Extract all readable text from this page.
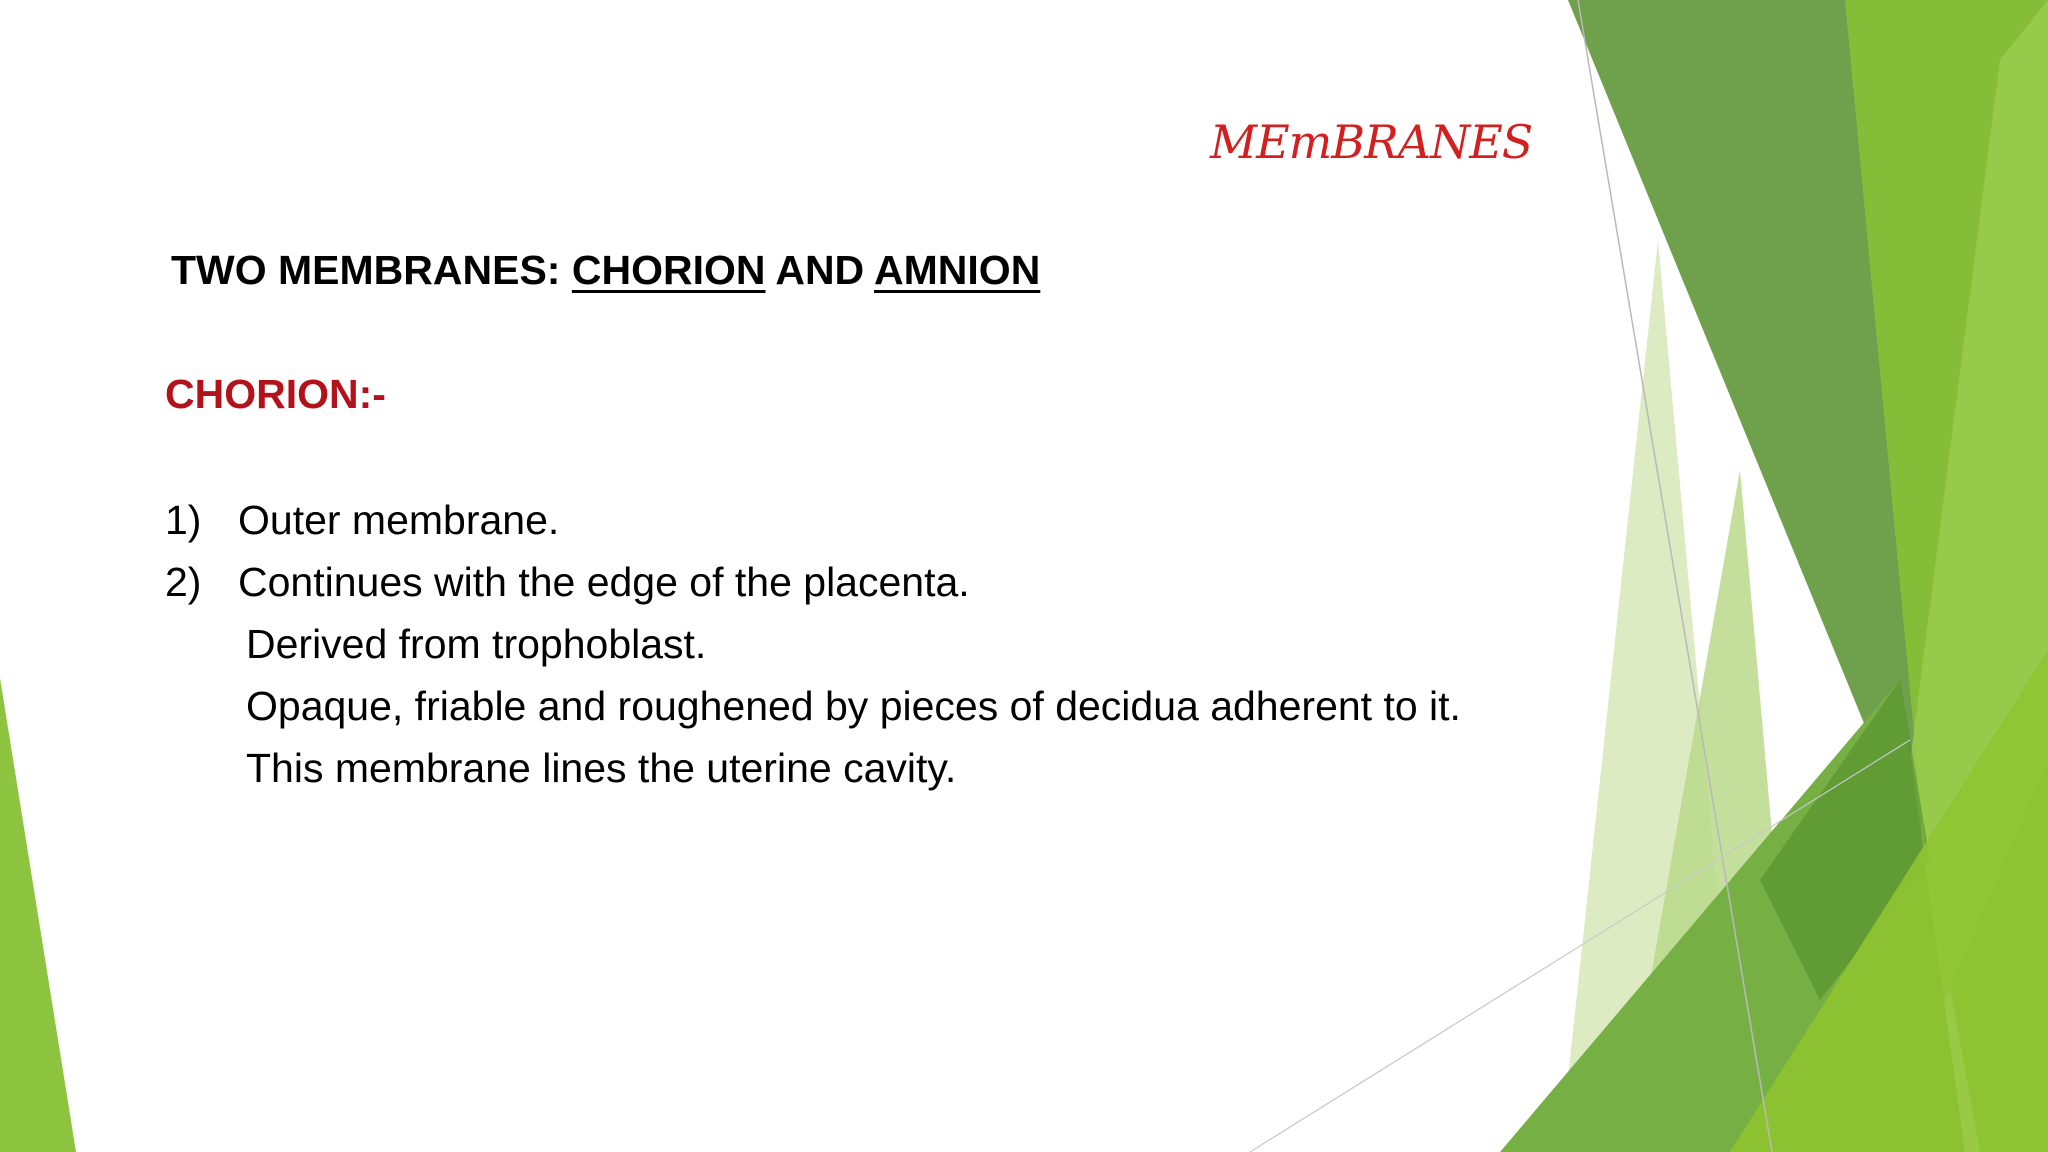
MEmBRANES
TWO MEMBRANES: CHORION AND AMNION
CHORION:-
1) Outer membrane.
2) Continues with the edge of the placenta.
Derived from trophoblast.
Opaque, friable and roughened by pieces of decidua adherent to it.
This membrane lines the uterine cavity.
